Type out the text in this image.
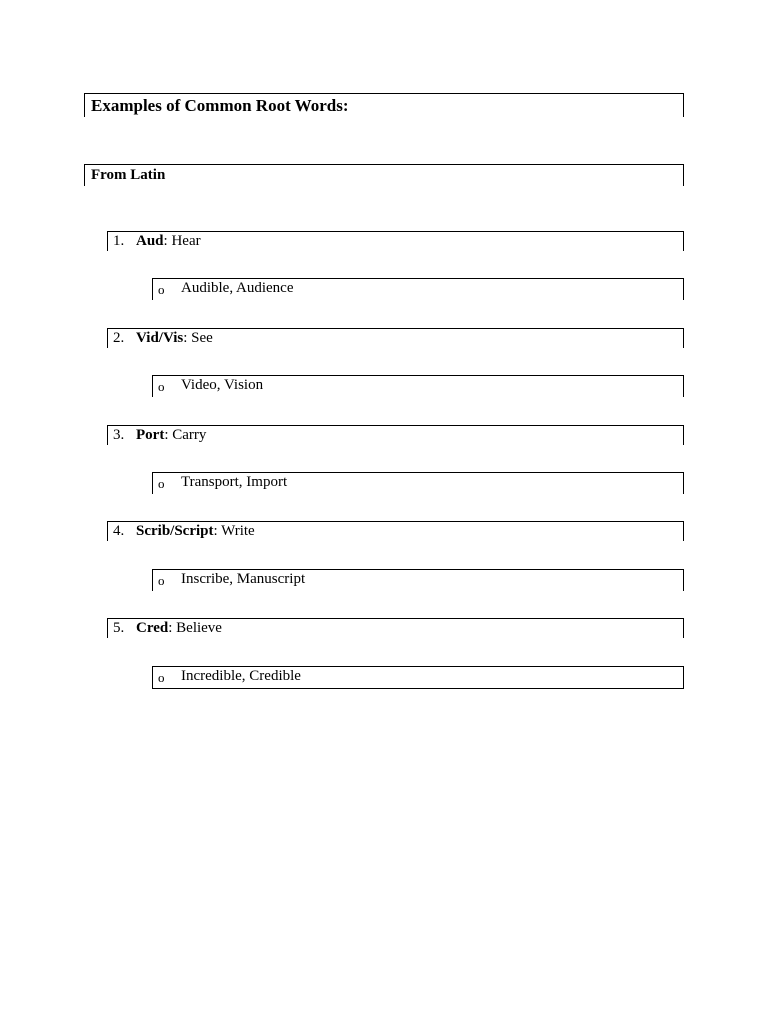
Examples of Common Root Words:
From Latin
1. Aud: Hear
o Audible, Audience
2. Vid/Vis: See
o Video, Vision
3. Port: Carry
o Transport, Import
4. Scrib/Script: Write
o Inscribe, Manuscript
5. Cred: Believe
o Incredible, Credible
